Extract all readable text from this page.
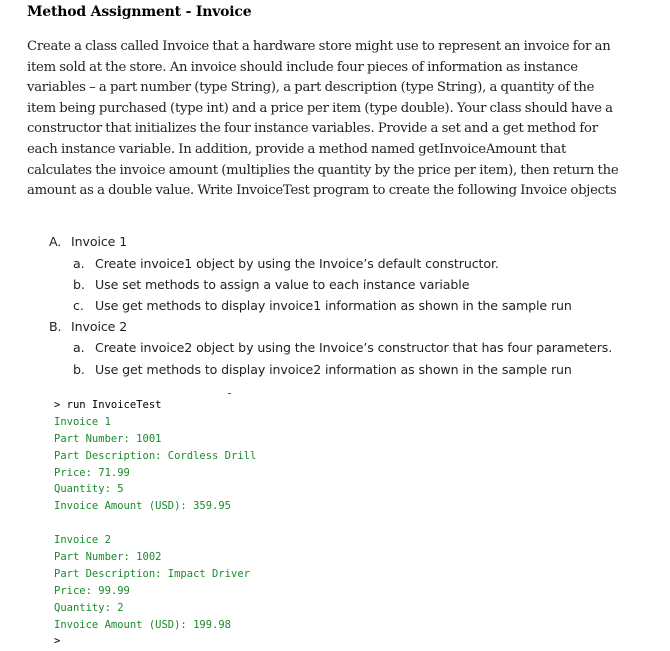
Method Assignment - Invoice
Create a class called Invoice that a hardware store might use to represent an invoice for an item sold at the store. An invoice should include four pieces of information as instance variables – a part number (type String), a part description (type String), a quantity of the item being purchased (type int) and a price per item (type double). Your class should have a constructor that initializes the four instance variables. Provide a set and a get method for each instance variable. In addition, provide a method named getInvoiceAmount that calculates the invoice amount (multiplies the quantity by the price per item), then return the amount as a double value. Write InvoiceTest program to create the following Invoice objects
A. Invoice 1
a. Create invoice1 object by using the Invoice’s default constructor.
b. Use set methods to assign a value to each instance variable
c. Use get methods to display invoice1 information as shown in the sample run
B. Invoice 2
a. Create invoice2 object by using the Invoice’s constructor that has four parameters.
b. Use get methods to display invoice2 information as shown in the sample run
> run InvoiceTest
Invoice 1
Part Number: 1001
Part Description: Cordless Drill
Price: 71.99
Quantity: 5
Invoice Amount (USD): 359.95
Invoice 2
Part Number: 1002
Part Description: Impact Driver
Price: 99.99
Quantity: 2
Invoice Amount (USD): 199.98
>
